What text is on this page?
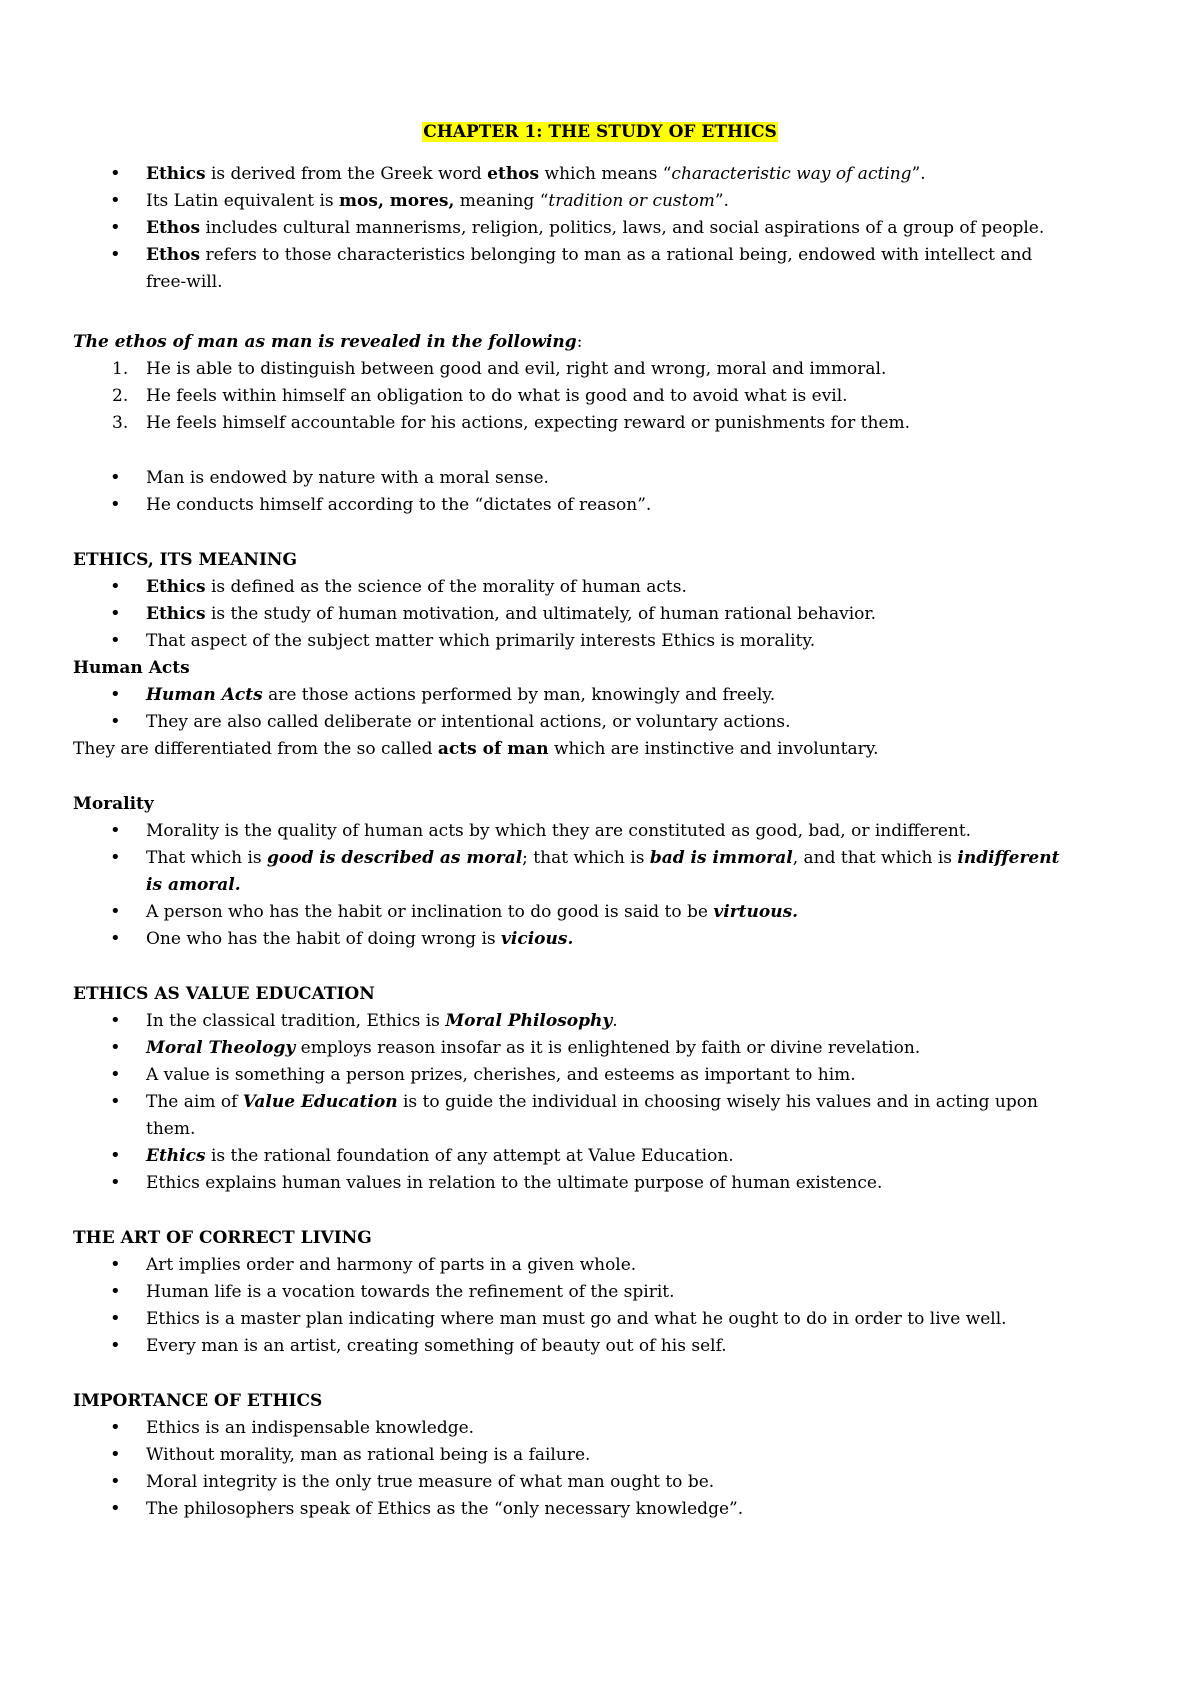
CHAPTER 1: THE STUDY OF ETHICS
• Ethics is derived from the Greek word ethos which means “characteristic way of acting”.
• Its Latin equivalent is mos, mores, meaning “tradition or custom”.
• Ethos includes cultural mannerisms, religion, politics, laws, and social aspirations of a group of people.
• Ethos refers to those characteristics belonging to man as a rational being, endowed with intellect and
free-will.
The ethos of man as man is revealed in the following:
1. He is able to distinguish between good and evil, right and wrong, moral and immoral.
2. He feels within himself an obligation to do what is good and to avoid what is evil.
3. He feels himself accountable for his actions, expecting reward or punishments for them.
• Man is endowed by nature with a moral sense.
• He conducts himself according to the “dictates of reason”.
ETHICS, ITS MEANING
• Ethics is defined as the science of the morality of human acts.
• Ethics is the study of human motivation, and ultimately, of human rational behavior.
• That aspect of the subject matter which primarily interests Ethics is morality.
Human Acts
• Human Acts are those actions performed by man, knowingly and freely.
• They are also called deliberate or intentional actions, or voluntary actions.
They are differentiated from the so called acts of man which are instinctive and involuntary.
Morality
• Morality is the quality of human acts by which they are constituted as good, bad, or indifferent.
• That which is good is described as moral; that which is bad is immoral, and that which is indifferent
is amoral.
• A person who has the habit or inclination to do good is said to be virtuous.
• One who has the habit of doing wrong is vicious.
ETHICS AS VALUE EDUCATION
• In the classical tradition, Ethics is Moral Philosophy.
• Moral Theology employs reason insofar as it is enlightened by faith or divine revelation.
• A value is something a person prizes, cherishes, and esteems as important to him.
• The aim of Value Education is to guide the individual in choosing wisely his values and in acting upon
them.
• Ethics is the rational foundation of any attempt at Value Education.
• Ethics explains human values in relation to the ultimate purpose of human existence.
THE ART OF CORRECT LIVING
• Art implies order and harmony of parts in a given whole.
• Human life is a vocation towards the refinement of the spirit.
• Ethics is a master plan indicating where man must go and what he ought to do in order to live well.
• Every man is an artist, creating something of beauty out of his self.
IMPORTANCE OF ETHICS
• Ethics is an indispensable knowledge.
• Without morality, man as rational being is a failure.
• Moral integrity is the only true measure of what man ought to be.
• The philosophers speak of Ethics as the “only necessary knowledge”.
